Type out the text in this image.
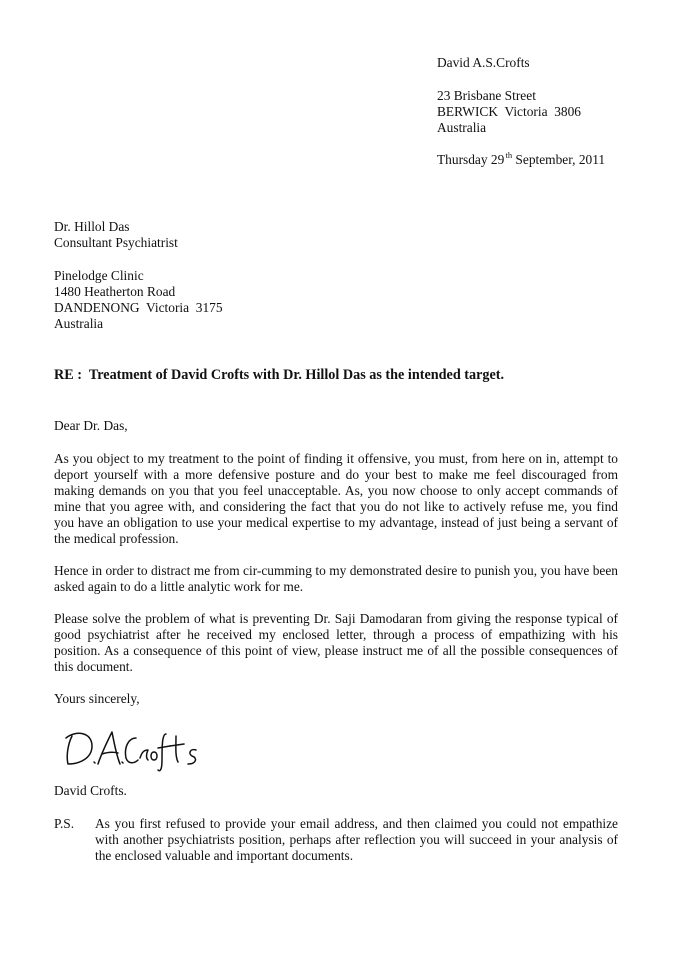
David A.S.Crofts
23 Brisbane Street
BERWICK  Victoria  3806
Australia
Thursday 29 $^{th}$ September, 2011
Dr. Hillol Das
Consultant Psychiatrist
Pinelodge Clinic
1480 Heatherton Road
DANDENONG  Victoria  3175
Australia
RE :  Treatment of David Crofts with Dr. Hillol Das as the intended target.

Dear Dr. Das,

As you object to my treatment to the point of finding it offensive, you must, from here on in, attempt to deport yourself with a more defensive posture and do your best to make me feel discouraged from making demands on you that you feel unacceptable. As, you now choose to only accept commands of mine that you agree with, and considering the fact that you do not like to actively refuse me, you find you have an obligation to use your medical expertise to my advantage, instead of just being a servant of the medical profession.

Hence in order to distract me from cir-cumming to my demonstrated desire to punish you, you have been asked again to do a little analytic work for me.

Please solve the problem of what is preventing Dr. Saji Damodaran from giving the response typical of good psychiatrist after he received my enclosed letter, through a process of empathizing with his position. As a consequence of this point of view, please instruct me of all the possible consequences of this document.

Yours sincerely,

David Crofts.
P.S. As you first refused to provide your email address, and then claimed you could not empathize with another psychiatrists position, perhaps after reflection you will succeed in your analysis of the enclosed valuable and important documents.
